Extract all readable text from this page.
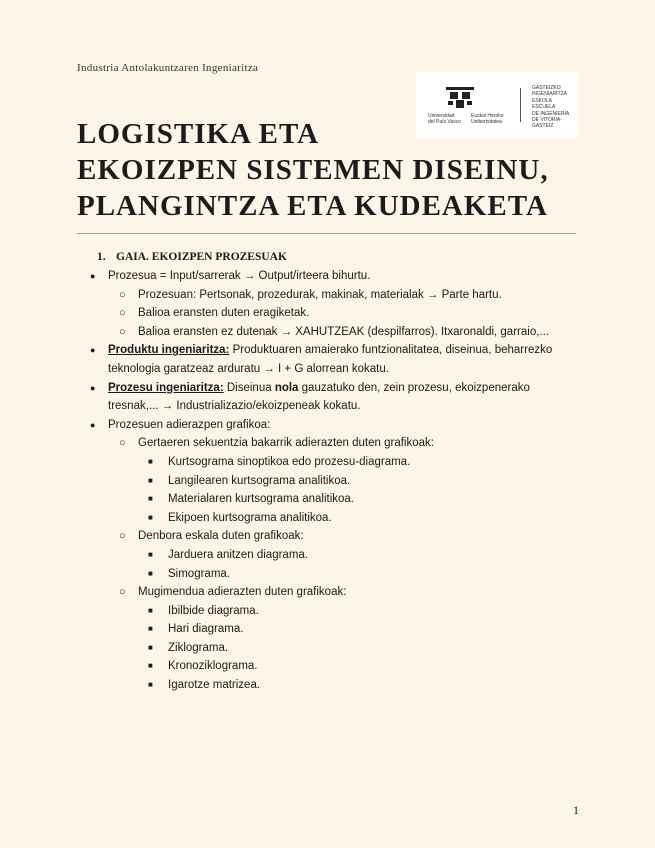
Industria Antolakuntzaren Ingeniaritza
Universidad
del País Vasco
Euskal Herriko
Unibertsitatea
GASTEIZKO
INGENIARITZA
ESKOLA
ESCUELA
DE INGENIERÍA
DE VITORIA-GASTEIZ
LOGISTIKA ETA
EKOIZPEN SISTEMEN DISEINU,
PLANGINTZA ETA KUDEAKETA
1. GAIA. EKOIZPEN PROZESUAK
● Prozesua = Input/sarrerak → Output/irteera bihurtu.
○ Prozesuan: Pertsonak, prozedurak, makinak, materialak → Parte hartu.
○ Balioa eransten duten eragiketak.
○ Balioa eransten ez dutenak → XAHUTZEAK (despilfarros). Itxaronaldi, garraio,...
● Produktu ingeniaritza: Produktuaren amaierako funtzionalitatea, diseinua, beharrezko teknologia garatzeaz arduratu → I + G alorrean kokatu.
● Prozesu ingeniaritza: Diseinua nola gauzatuko den, zein prozesu, ekoizpenerako tresnak,... → Industrializazio/ekoizpeneak kokatu.
● Prozesuen adierazpen grafikoa:
○ Gertaeren sekuentzia bakarrik adierazten duten grafikoak:
■ Kurtsograma sinoptikoa edo prozesu-diagrama.
■ Langilearen kurtsograma analitikoa.
■ Materialaren kurtsograma analitikoa.
■ Ekipoen kurtsograma analitikoa.
○ Denbora eskala duten grafikoak:
■ Jarduera anitzen diagrama.
■ Simograma.
○ Mugimendua adierazten duten grafikoak:
■ Ibilbide diagrama.
■ Hari diagrama.
■ Ziklograma.
■ Kronoziklograma.
■ Igarotze matrizea.
1
